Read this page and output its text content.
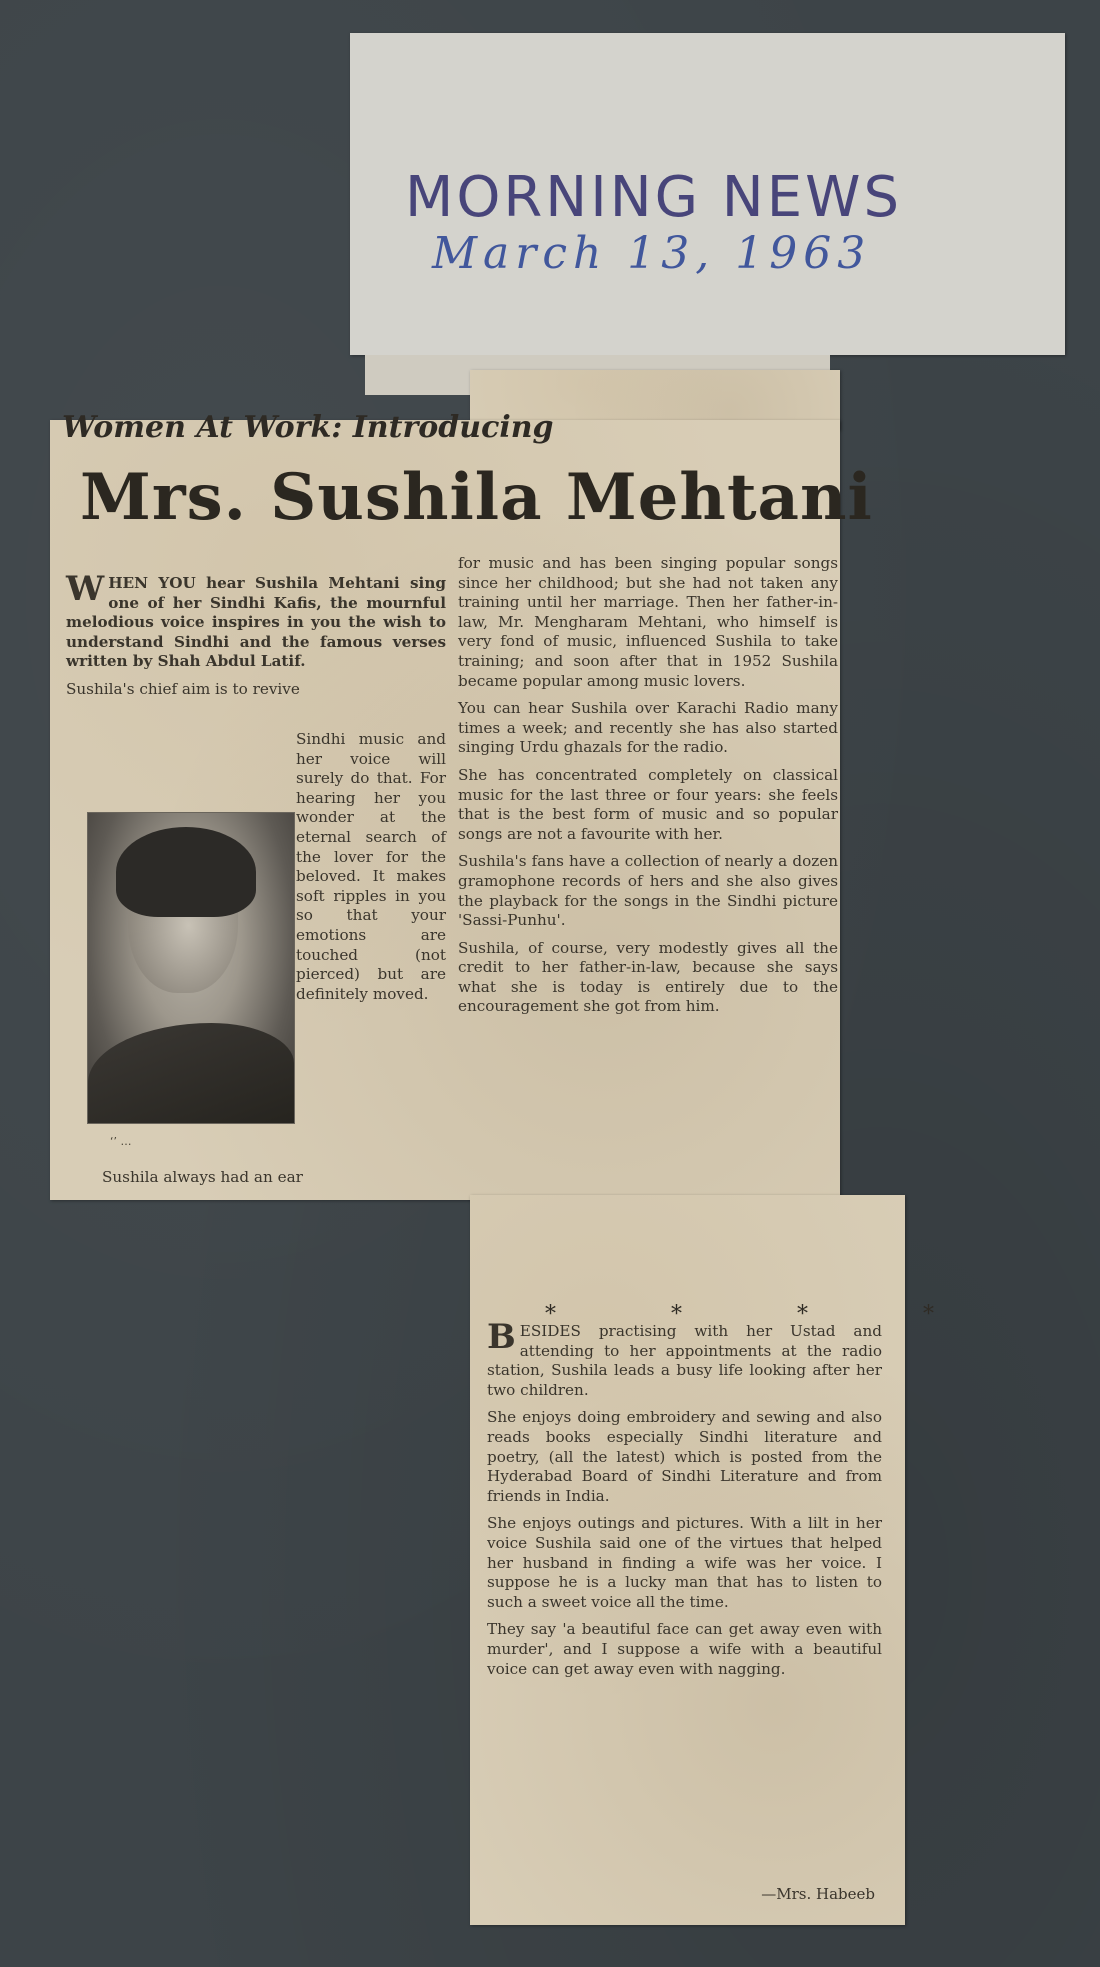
MORNING NEWS
March 13, 1963
Women At Work: Introducing
Mrs. Sushila Mehtani

WHEN YOU hear Sushila Mehtani sing one of her Sindhi Kafis, the mournful melodious voice inspires in you the wish to understand Sindhi and the famous verses written by Shah Abdul Latif.

Sushila's chief aim is to revive

‘’ …

Sindhi music and her voice will surely do that. For hearing her you wonder at the eternal search of the lover for the beloved. It makes soft ripples in you so that your emotions are touched (not pierced) but are definitely moved.

Sushila always had an ear

for music and has been singing popular songs since her childhood; but she had not taken any training until her marriage. Then her father-in-law, Mr. Mengharam Mehtani, who himself is very fond of music, influenced Sushila to take training; and soon after that in 1952 Sushila became popular among music lovers.

You can hear Sushila over Karachi Radio many times a week; and recently she has also started singing Urdu ghazals for the radio.

She has concentrated completely on classical music for the last three or four years: she feels that is the best form of music and so popular songs are not a favourite with her.

Sushila's fans have a collection of nearly a dozen gramophone records of hers and she also gives the playback for the songs in the Sindhi picture 'Sassi-Punhu'.

Sushila, of course, very modestly gives all the credit to her father-in-law, because she says what she is today is entirely due to the encouragement she got from him.

* * * *

BESIDES practising with her Ustad and attending to her appointments at the radio station, Sushila leads a busy life looking after her two children.

She enjoys doing embroidery and sewing and also reads books especially Sindhi literature and poetry, (all the latest) which is posted from the Hyderabad Board of Sindhi Literature and from friends in India.

She enjoys outings and pictures. With a lilt in her voice Sushila said one of the virtues that helped her husband in finding a wife was her voice. I suppose he is a lucky man that has to listen to such a sweet voice all the time.

They say 'a beautiful face can get away even with murder', and I suppose a wife with a beautiful voice can get away even with nagging.

—Mrs. Habeeb
